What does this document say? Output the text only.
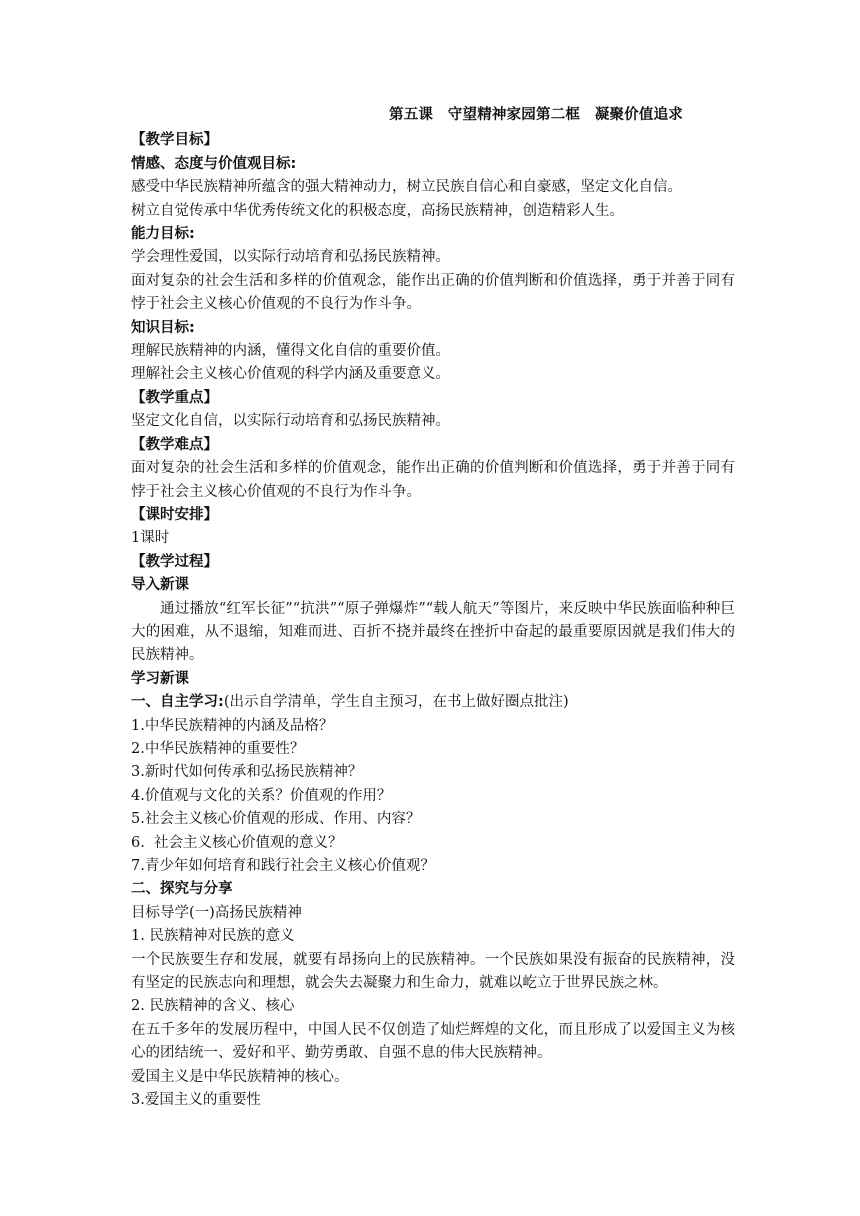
第五课　守望精神家园第二框　凝聚价值追求
【教学目标】
情感、态度与价值观目标:
感受中华民族精神所蕴含的强大精神动力，树立民族自信心和自豪感，坚定文化自信。
树立自觉传承中华优秀传统文化的积极态度，高扬民族精神，创造精彩人生。
能力目标:
学会理性爱国，以实际行动培育和弘扬民族精神。
面对复杂的社会生活和多样的价值观念，能作出正确的价值判断和价值选择，勇于并善于同有悖于社会主义核心价值观的不良行为作斗争。
知识目标:
理解民族精神的内涵，懂得文化自信的重要价值。
理解社会主义核心价值观的科学内涵及重要意义。
【教学重点】
坚定文化自信，以实际行动培育和弘扬民族精神。
【教学难点】
面对复杂的社会生活和多样的价值观念，能作出正确的价值判断和价值选择，勇于并善于同有悖于社会主义核心价值观的不良行为作斗争。
【课时安排】
1课时
【教学过程】
导入新课
通过播放“红军长征”“抗洪”“原子弹爆炸”“载人航天”等图片，来反映中华民族面临种种巨大的困难，从不退缩，知难而进、百折不挠并最终在挫折中奋起的最重要原因就是我们伟大的民族精神。
学习新课
一、自主学习:(出示自学清单，学生自主预习，在书上做好圈点批注)
1.中华民族精神的内涵及品格？
2.中华民族精神的重要性？
3.新时代如何传承和弘扬民族精神？
4.价值观与文化的关系？价值观的作用？
5.社会主义核心价值观的形成、作用、内容？
6.  社会主义核心价值观的意义？
7.青少年如何培育和践行社会主义核心价值观？
二、探究与分享
目标导学(一)高扬民族精神
1. 民族精神对民族的意义
一个民族要生存和发展，就要有昂扬向上的民族精神。一个民族如果没有振奋的民族精神，没有坚定的民族志向和理想，就会失去凝聚力和生命力，就难以屹立于世界民族之林。
2. 民族精神的含义、核心
在五千多年的发展历程中，中国人民不仅创造了灿烂辉煌的文化，而且形成了以爱国主义为核心的团结统一、爱好和平、勤劳勇敢、自强不息的伟大民族精神。
爱国主义是中华民族精神的核心。
3.爱国主义的重要性
